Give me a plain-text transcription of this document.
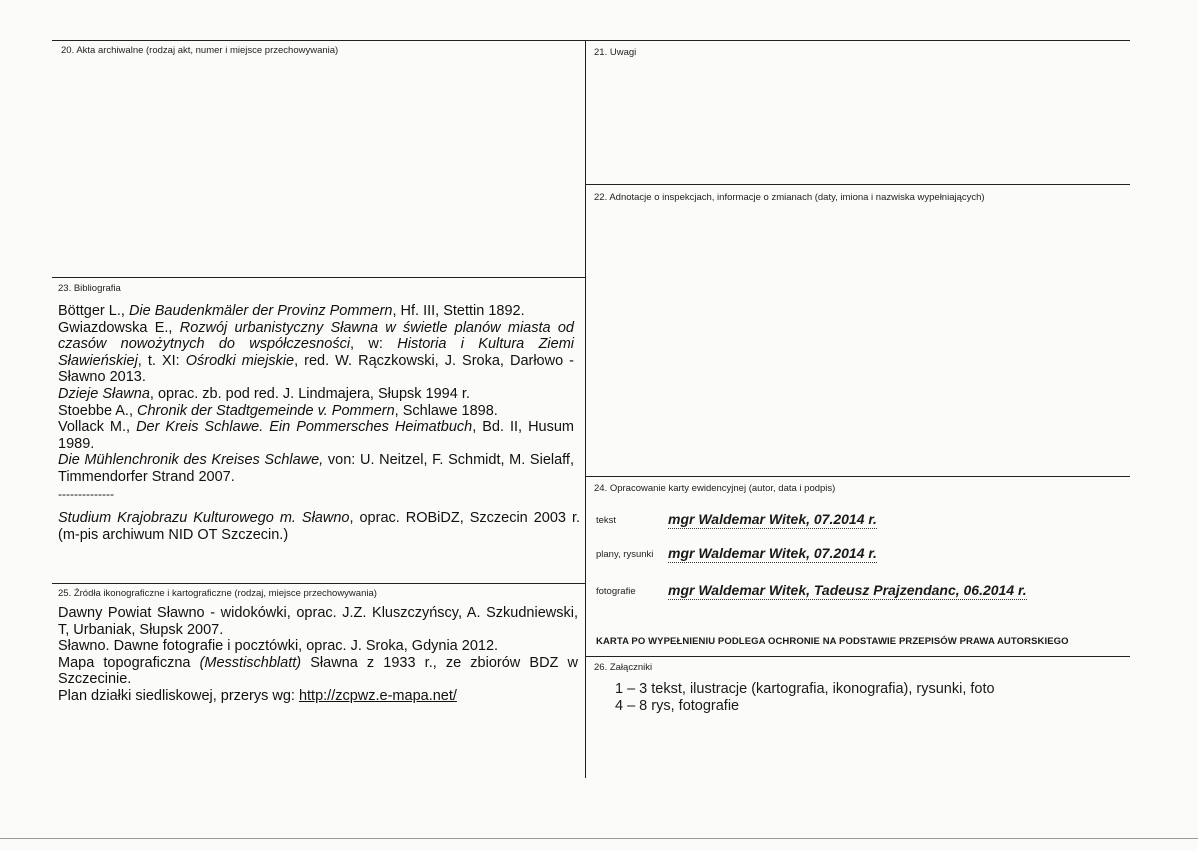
20. Akta archiwalne (rodzaj akt, numer i miejsce przechowywania)	21. Uwagi
22. Adnotacje o inspekcjach, informacje o zmianach (daty, imiona i nazwiska wypełniających)
23. Bibliografia
Böttger L., Die Baudenkmäler der Provinz Pommern, Hf. III, Stettin 1892.
Gwiazdowska E., Rozwój urbanistyczny Sławna w świetle planów miasta od czasów nowożytnych do współczesności, w: Historia i Kultura Ziemi Sławieńskiej, t. XI: Ośrodki miejskie, red. W. Rączkowski, J. Sroka, Darłowo - Sławno 2013.
Dzieje Sławna, oprac. zb. pod red. J. Lindmajera, Słupsk 1994 r.
Stoebbe A., Chronik der Stadtgemeinde v. Pommern, Schlawe 1898.
Vollack M., Der Kreis Schlawe. Ein Pommersches Heimatbuch, Bd. II, Husum 1989.
Die Mühlenchronik des Kreises Schlawe, von: U. Neitzel, F. Schmidt, M. Sielaff, Timmendorfer Strand 2007.
--------------
Studium Krajobrazu Kulturowego m. Sławno, oprac. ROBiDZ, Szczecin 2003 r. (m-pis archiwum NID OT Szczecin.)
24. Opracowanie karty ewidencyjnej (autor, data i podpis)
tekst	mgr Waldemar Witek, 07.2014 r.
plany, rysunki mgr Waldemar Witek, 07.2014 r.
fotografie mgr Waldemar Witek, Tadeusz Prajzendanc, 06.2014 r.
KARTA PO WYPEŁNIENIU PODLEGA OCHRONIE NA PODSTAWIE PRZEPISÓW PRAWA AUTORSKIEGO
25. Źródła ikonograficzne i kartograficzne (rodzaj, miejsce przechowywania)
Dawny Powiat Sławno - widokówki, oprac. J.Z. Kluszczyńscy, A. Szkudniewski, T, Urbaniak, Słupsk 2007.
Sławno. Dawne fotografie i pocztówki, oprac. J. Sroka, Gdynia 2012.
Mapa topograficzna (Messtischblatt) Sławna z 1933 r., ze zbiorów BDZ w Szczecinie.
Plan działki siedliskowej, przerys wg: http://zcpwz.e-mapa.net/
26. Załączniki
1 – 3 tekst, ilustracje (kartografia, ikonografia), rysunki, foto
4 – 8 rys, fotografie
